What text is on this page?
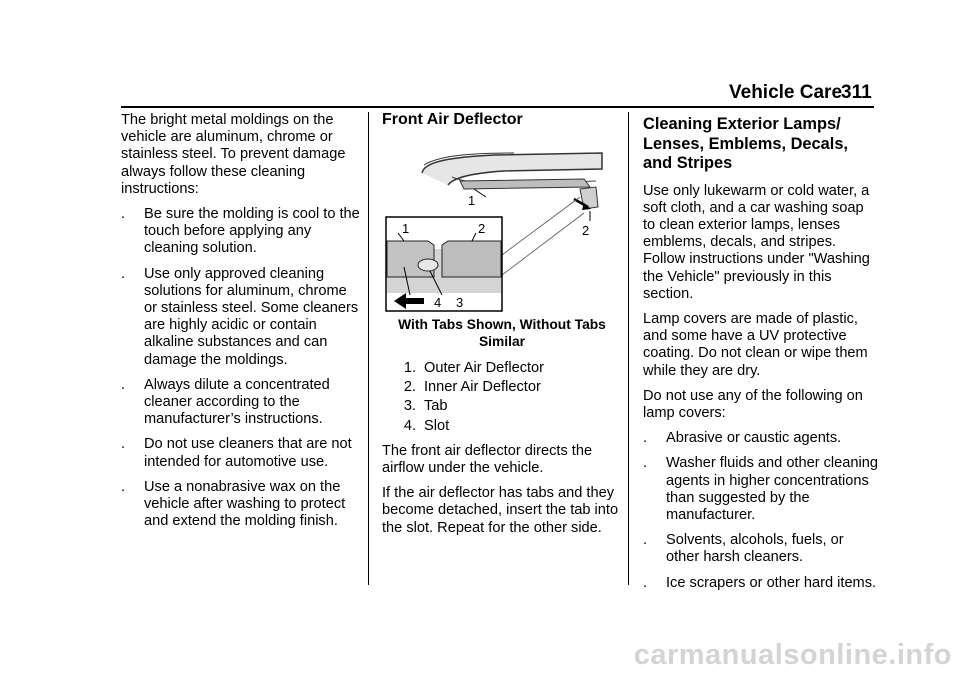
Vehicle Care
311

The bright metal moldings on the vehicle are aluminum, chrome or stainless steel. To prevent damage always follow these cleaning instructions:

.	Be sure the molding is cool to the touch before applying any cleaning solution.
.	Use only approved cleaning solutions for aluminum, chrome or stainless steel. Some cleaners are highly acidic or contain alkaline substances and can damage the moldings.
.	Always dilute a concentrated cleaner according to the manufacturer’s instructions.
.	Do not use cleaners that are not intended for automotive use.
.	Use a nonabrasive wax on the vehicle after washing to protect and extend the molding finish.
Front Air Deflector
1
1	2	2
4 3
With Tabs Shown, Without Tabs Similar
1. Outer Air Deflector
2. Inner Air Deflector
3. Tab
4. Slot

The front air deflector directs the airflow under the vehicle.

If the air deflector has tabs and they become detached, insert the tab into the slot. Repeat for the other side.

Cleaning Exterior Lamps/ Lenses, Emblems, Decals, and Stripes

Use only lukewarm or cold water, a soft cloth, and a car washing soap to clean exterior lamps, lenses emblems, decals, and stripes. Follow instructions under "Washing the Vehicle" previously in this section.

Lamp covers are made of plastic, and some have a UV protective coating. Do not clean or wipe them while they are dry.

Do not use any of the following on lamp covers:

.	Abrasive or caustic agents.
.	Washer fluids and other cleaning agents in higher concentrations than suggested by the manufacturer.
.	Solvents, alcohols, fuels, or other harsh cleaners.
.	Ice scrapers or other hard items.
carmanualsonline.info
